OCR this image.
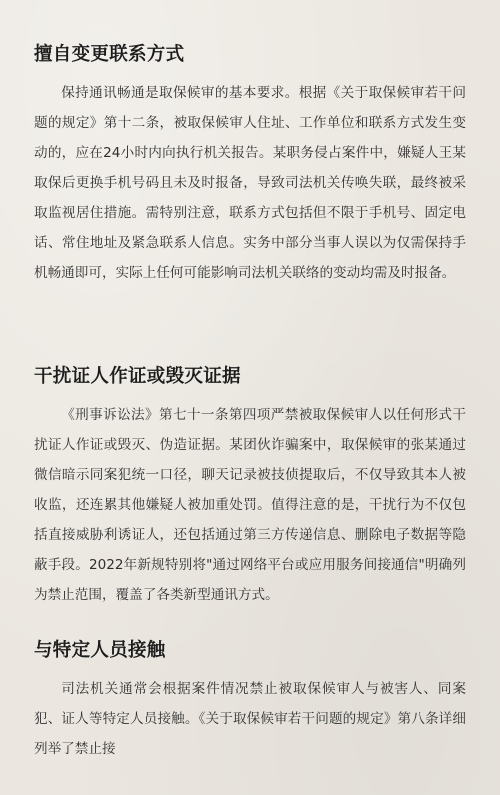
擅自变更联系方式

保持通讯畅通是取保候审的基本要求。根据《关于取保候审若干问题的规定》第十二条，被取保候审人住址、工作单位和联系方式发生变动的，应在24小时内向执行机关报告。某职务侵占案件中，嫌疑人王某取保后更换手机号码且未及时报备，导致司法机关传唤失联，最终被采取监视居住措施。需特别注意，联系方式包括但不限于手机号、固定电话、常住地址及紧急联系人信息。实务中部分当事人误以为仅需保持手机畅通即可，实际上任何可能影响司法机关联络的变动均需及时报备。

干扰证人作证或毁灭证据

《刑事诉讼法》第七十一条第四项严禁被取保候审人以任何形式干扰证人作证或毁灭、伪造证据。某团伙诈骗案中，取保候审的张某通过微信暗示同案犯统一口径，聊天记录被技侦提取后，不仅导致其本人被收监，还连累其他嫌疑人被加重处罚。值得注意的是，干扰行为不仅包括直接威胁利诱证人，还包括通过第三方传递信息、删除电子数据等隐蔽手段。2022年新规特别将"通过网络平台或应用服务间接通信"明确列为禁止范围，覆盖了各类新型通讯方式。

与特定人员接触

司法机关通常会根据案件情况禁止被取保候审人与被害人、同案犯、证人等特定人员接触。《关于取保候审若干问题的规定》第八条详细列举了禁止接
